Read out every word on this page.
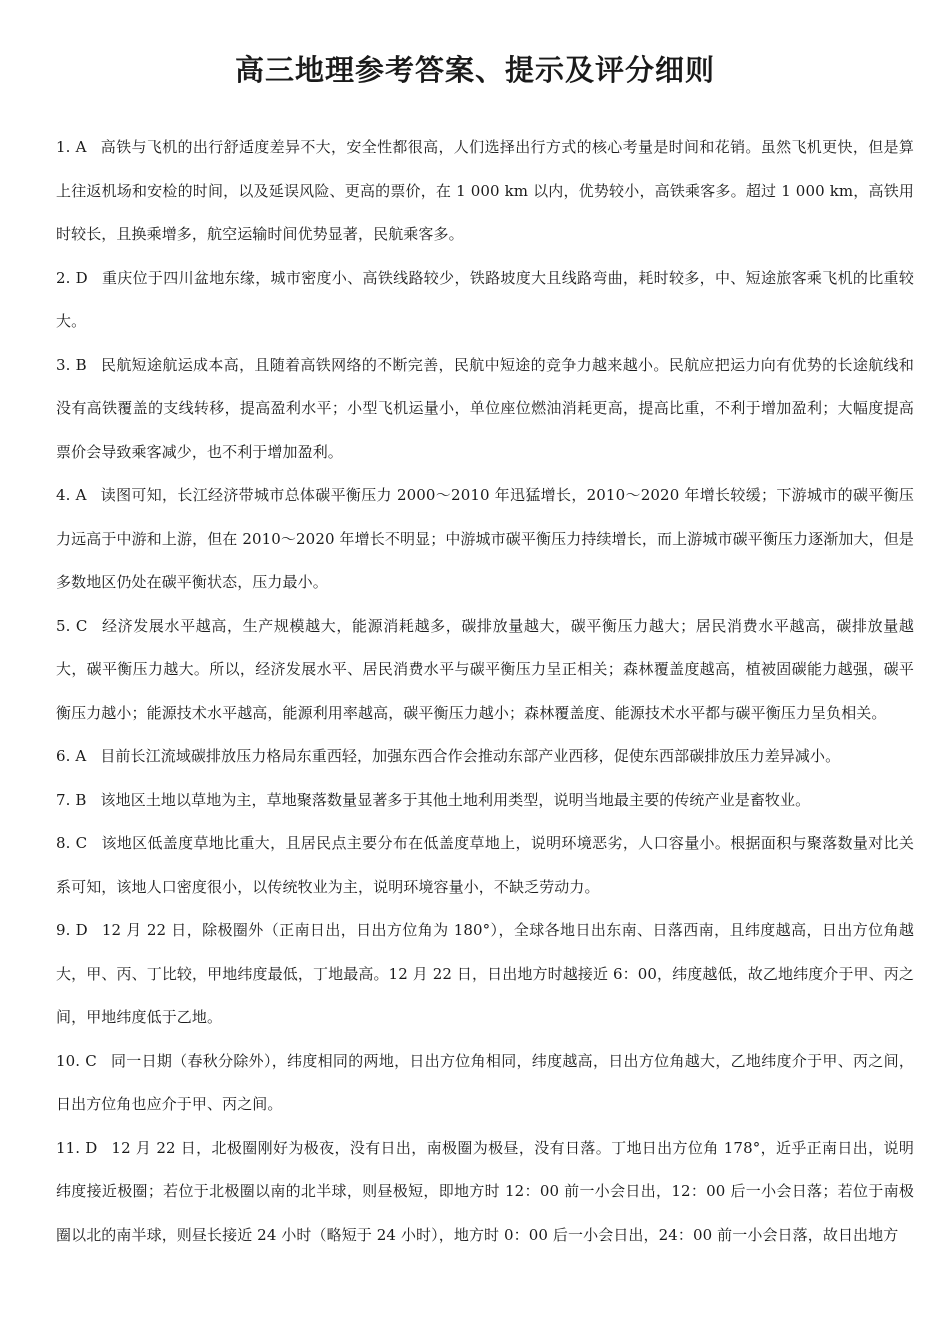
高三地理参考答案、提示及评分细则
1. A 高铁与飞机的出行舒适度差异不大，安全性都很高，人们选择出行方式的核心考量是时间和花销。虽然飞机更快，但是算上往返机场和安检的时间，以及延误风险、更高的票价，在 1 000 km 以内，优势较小，高铁乘客多。超过 1 000 km，高铁用时较长，且换乘增多，航空运输时间优势显著，民航乘客多。
2. D 重庆位于四川盆地东缘，城市密度小、高铁线路较少，铁路坡度大且线路弯曲，耗时较多，中、短途旅客乘飞机的比重较大。
3. B 民航短途航运成本高，且随着高铁网络的不断完善，民航中短途的竞争力越来越小。民航应把运力向有优势的长途航线和没有高铁覆盖的支线转移，提高盈利水平；小型飞机运量小，单位座位燃油消耗更高，提高比重，不利于增加盈利；大幅度提高票价会导致乘客减少，也不利于增加盈利。
4. A 读图可知，长江经济带城市总体碳平衡压力 2000～2010 年迅猛增长，2010～2020 年增长较缓；下游城市的碳平衡压力远高于中游和上游，但在 2010～2020 年增长不明显；中游城市碳平衡压力持续增长，而上游城市碳平衡压力逐渐加大，但是多数地区仍处在碳平衡状态，压力最小。
5. C 经济发展水平越高，生产规模越大，能源消耗越多，碳排放量越大，碳平衡压力越大；居民消费水平越高，碳排放量越大，碳平衡压力越大。所以，经济发展水平、居民消费水平与碳平衡压力呈正相关；森林覆盖度越高，植被固碳能力越强，碳平衡压力越小；能源技术水平越高，能源利用率越高，碳平衡压力越小；森林覆盖度、能源技术水平都与碳平衡压力呈负相关。
6. A 目前长江流域碳排放压力格局东重西轻，加强东西合作会推动东部产业西移，促使东西部碳排放压力差异减小。
7. B 该地区土地以草地为主，草地聚落数量显著多于其他土地利用类型，说明当地最主要的传统产业是畜牧业。
8. C 该地区低盖度草地比重大，且居民点主要分布在低盖度草地上，说明环境恶劣，人口容量小。根据面积与聚落数量对比关系可知，该地人口密度很小，以传统牧业为主，说明环境容量小，不缺乏劳动力。
9. D 12 月 22 日，除极圈外（正南日出，日出方位角为 180°），全球各地日出东南、日落西南，且纬度越高，日出方位角越大，甲、丙、丁比较，甲地纬度最低，丁地最高。12 月 22 日，日出地方时越接近 6：00，纬度越低，故乙地纬度介于甲、丙之间，甲地纬度低于乙地。
10. C 同一日期（春秋分除外），纬度相同的两地，日出方位角相同，纬度越高，日出方位角越大，乙地纬度介于甲、丙之间，日出方位角也应介于甲、丙之间。
11. D 12 月 22 日，北极圈刚好为极夜，没有日出，南极圈为极昼，没有日落。丁地日出方位角 178°，近乎正南日出，说明纬度接近极圈；若位于北极圈以南的北半球，则昼极短，即地方时 12：00 前一小会日出，12：00 后一小会日落；若位于南极圈以北的南半球，则昼长接近 24 小时（略短于 24 小时），地方时 0：00 后一小会日出，24：00 前一小会日落，故日出地方
